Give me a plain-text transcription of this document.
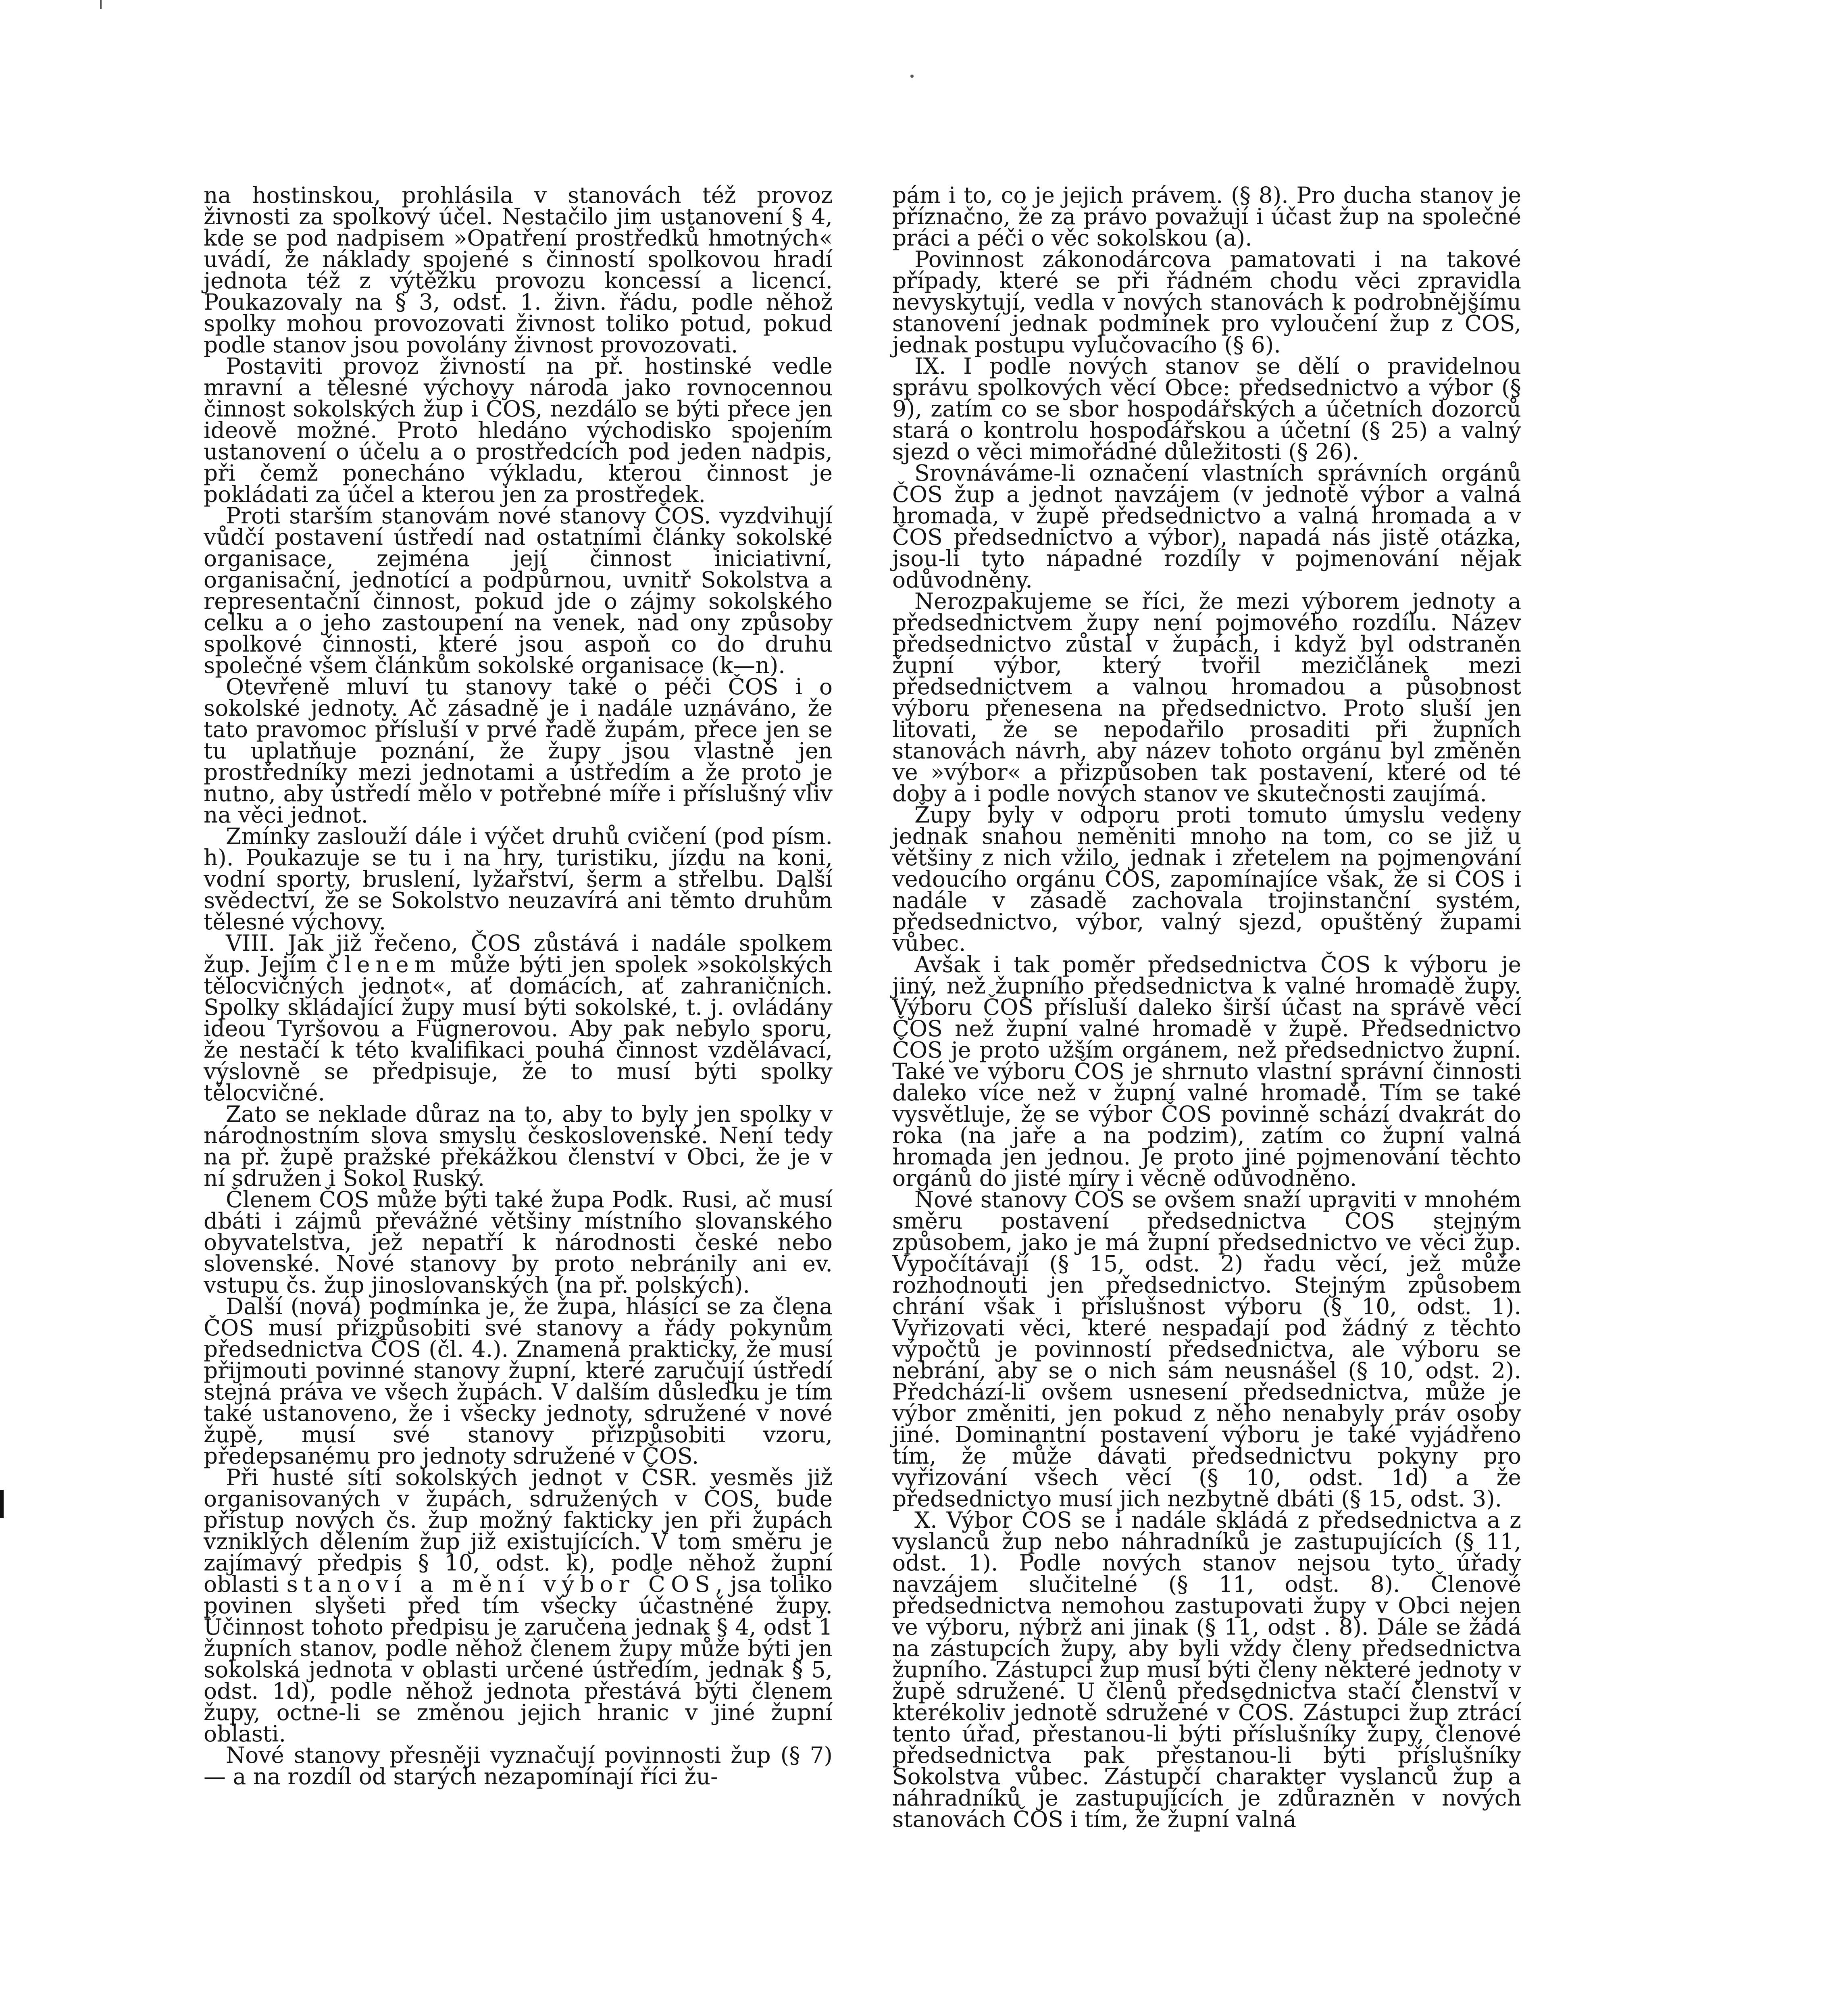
na hostinskou, prohlásila v stanovách též provoz živnosti za spolkový účel. Nestačilo jim ustanovení § 4, kde se pod nadpisem »Opatření prostředků hmotných« uvádí, že náklady spojené s činností spolkovou hradí jednota též z výtěžku provozu koncessí a licencí. Poukazovaly na § 3, odst. 1. živn. řádu, podle něhož spolky mohou provozovati živnost toliko potud, pokud podle stanov jsou povolány živnost provozovati.

Postaviti provoz živností na př. hostinské vedle mravní a tělesné výchovy národa jako rovnocennou činnost sokolských žup i ČOS, nezdálo se býti přece jen ideově možné. Proto hledáno východisko spojením ustanovení o účelu a o prostředcích pod jeden nadpis, při čemž ponecháno výkladu, kterou činnost je pokládati za účel a kterou jen za prostředek.

Proti starším stanovám nové stanovy ČOS. vyzdvihují vůdčí postavení ústředí nad ostatními články sokolské organisace, zejména její činnost iniciativní, organisační, jednotící a podpůrnou, uvnitř Sokolstva a representační činnost, pokud jde o zájmy sokolského celku a o jeho zastoupení na venek, nad ony způsoby spolkové činnosti, které jsou aspoň co do druhu společné všem článkům sokolské organisace (k—n).

Otevřeně mluví tu stanovy také o péči ČOS i o sokolské jednoty. Ač zásadně je i nadále uznáváno, že tato pravomoc přísluší v prvé řadě župám, přece jen se tu uplatňuje poznání, že župy jsou vlastně jen prostředníky mezi jednotami a ústředím a že proto je nutno, aby ústředí mělo v potřebné míře i příslušný vliv na věci jednot.

Zmínky zaslouží dále i výčet druhů cvičení (pod písm. h). Poukazuje se tu i na hry, turistiku, jízdu na koni, vodní sporty, bruslení, lyžařství, šerm a střelbu. Další svědectví, že se Sokolstvo neuzavírá ani těmto druhům tělesné výchovy.

VIII. Jak již řečeno, ČOS zůstává i nadále spolkem žup. Jejím členem může býti jen spolek »sokolských tělocvičných jednot«, ať domácích, ať zahraničních. Spolky skládající župy musí býti sokolské, t. j. ovládány ideou Tyršovou a Fügnerovou. Aby pak nebylo sporu, že nestačí k této kvalifikaci pouhá činnost vzdělávací, výslovně se předpisuje, že to musí býti spolky tělocvičné.

Zato se neklade důraz na to, aby to byly jen spolky v národnostním slova smyslu československé. Není tedy na př. župě pražské překážkou členství v Obci, že je v ní sdružen i Sokol Ruský.

Členem ČOS může býti také župa Podk. Rusi, ač musí dbáti i zájmů převážné většiny místního slovanského obyvatelstva, jež nepatří k národnosti české nebo slovenské. Nové stanovy by proto nebránily ani ev. vstupu čs. žup jinoslovanských (na př. polských).

Další (nová) podmínka je, že župa, hlásící se za člena ČOS musí přizpůsobiti své stanovy a řády pokynům předsednictva ČOS (čl. 4.). Znamená prakticky, že musí přijmouti povinné stanovy župní, které zaručují ústředí stejná práva ve všech župách. V dalším důsledku je tím také ustanoveno, že i všecky jednoty, sdružené v nové župě, musí své stanovy přizpůsobiti vzoru, předepsanému pro jednoty sdružené v ČOS.

Při husté síti sokolských jednot v ČSR. vesměs již organisovaných v župách, sdružených v ČOS, bude přístup nových čs. žup možný fakticky jen při župách vzniklých dělením žup již existujících. V tom směru je zajímavý předpis § 10, odst. k), podle něhož župní oblasti stanoví a mění výbor ČOS, jsa toliko povinen slyšeti před tím všecky účastněné župy. Účinnost tohoto předpisu je zaručena jednak § 4, odst 1 župních stanov, podle něhož členem župy může býti jen sokolská jednota v oblasti určené ústředím, jednak § 5, odst. 1d), podle něhož jednota přestává býti členem župy, octne-li se změnou jejich hranic v jiné župní oblasti.

Nové stanovy přesněji vyznačují povinnosti žup (§ 7) — a na rozdíl od starých nezapomínají říci žu-

pám i to, co je jejich právem. (§ 8). Pro ducha stanov je příznačno, že za právo považují i účast žup na společné práci a péči o věc sokolskou (a).

Povinnost zákonodárcova pamatovati i na takové případy, které se při řádném chodu věci zpravidla nevyskytují, vedla v nových stanovách k podrobnějšímu stanovení jednak podmínek pro vyloučení žup z ČOS, jednak postupu vylučovacího (§ 6).

IX. I podle nových stanov se dělí o pravidelnou správu spolkových věcí Obce: předsednictvo a výbor (§ 9), zatím co se sbor hospodářských a účetních dozorců stará o kontrolu hospodářskou a účetní (§ 25) a valný sjezd o věci mimořádné důležitosti (§ 26).

Srovnáváme-li označení vlastních správních orgánů ČOS žup a jednot navzájem (v jednotě výbor a valná hromada, v župě předsednictvo a valná hromada a v ČOS předsednictvo a výbor), napadá nás jistě otázka, jsou-li tyto nápadné rozdíly v pojmenování nějak odůvodněny.

Nerozpakujeme se říci, že mezi výborem jednoty a předsednictvem župy není pojmového rozdílu. Název předsednictvo zůstal v župách, i když byl odstraněn župní výbor, který tvořil mezičlánek mezi předsednictvem a valnou hromadou a působnost výboru přenesena na předsednictvo. Proto sluší jen litovati, že se nepodařilo prosaditi při župních stanovách návrh, aby název tohoto orgánu byl změněn ve »výbor« a přizpůsoben tak postavení, které od té doby a i podle nových stanov ve skutečnosti zaujímá.

Župy byly v odporu proti tomuto úmyslu vedeny jednak snahou neměniti mnoho na tom, co se již u většiny z nich vžilo, jednak i zřetelem na pojmenování vedoucího orgánu ČOS, zapomínajíce však, že si ČOS i nadále v zásadě zachovala trojinstanční systém, předsednictvo, výbor, valný sjezd, opuštěný župami vůbec.

Avšak i tak poměr předsednictva ČOS k výboru je jiný, než župního předsednictva k valné hromadě župy. Výboru ČOS přísluší daleko širší účast na správě věcí ČOS než župní valné hromadě v župě. Předsednictvo ČOS je proto užším orgánem, než předsednictvo župní. Také ve výboru ČOS je shrnuto vlastní správní činnosti daleko více než v župní valné hromadě. Tím se také vysvětluje, že se výbor ČOS povinně schází dvakrát do roka (na jaře a na podzim), zatím co župní valná hromada jen jednou. Je proto jiné pojmenování těchto orgánů do jisté míry i věcně odůvodněno.

Nové stanovy ČOS se ovšem snaží upraviti v mnohém směru postavení předsednictva ČOS stejným způsobem, jako je má župní předsednictvo ve věci žup. Vypočítávají (§ 15, odst. 2) řadu věcí, jež může rozhodnouti jen předsednictvo. Stejným způsobem chrání však i příslušnost výboru (§ 10, odst. 1). Vyřizovati věci, které nespadají pod žádný z těchto výpočtů je povinností předsednictva, ale výboru se nebrání, aby se o nich sám neusnášel (§ 10, odst. 2). Předchází-li ovšem usnesení předsednictva, může je výbor změniti, jen pokud z něho nenabyly práv osoby jiné. Dominantní postavení výboru je také vyjádřeno tím, že může dávati předsednictvu pokyny pro vyřizování všech věcí (§ 10, odst. 1d) a že předsednictvo musí jich nezbytně dbáti (§ 15, odst. 3).

X. Výbor ČOS se i nadále skládá z předsednictva a z vyslanců žup nebo náhradníků je zastupujících (§ 11, odst. 1). Podle nových stanov nejsou tyto úřady navzájem slučitelné (§ 11, odst. 8). Členové předsednictva nemohou zastupovati župy v Obci nejen ve výboru, nýbrž ani jinak (§ 11, odst . 8). Dále se žádá na zástupcích župy, aby byli vždy členy předsednictva župního. Zástupci žup musí býti členy některé jednoty v župě sdružené. U členů předsednictva stačí členství v kterékoliv jednotě sdružené v ČOS. Zástupci žup ztrácí tento úřad, přestanou-li býti příslušníky župy, členové předsednictva pak přestanou-li býti příslušníky Sokolstva vůbec. Zástupčí charakter vyslanců žup a náhradníků je zastupujících je zdůrazněn v nových stanovách ČOS i tím, že župní valná
